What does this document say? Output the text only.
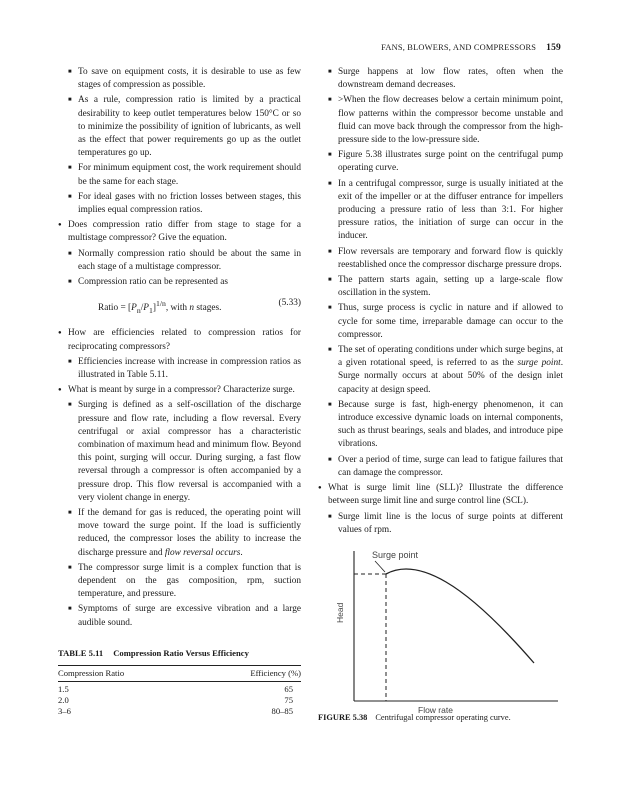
FANS, BLOWERS, AND COMPRESSORS 159
■ To save on equipment costs, it is desirable to use as few stages of compression as possible.
■ As a rule, compression ratio is limited by a practical desirability to keep outlet temperatures below 150°C or so to minimize the possibility of ignition of lubricants, as well as the effect that power requirements go up as the outlet temperatures go up.
■ For minimum equipment cost, the work requirement should be the same for each stage.
■ For ideal gases with no friction losses between stages, this implies equal compression ratios.
● Does compression ratio differ from stage to stage for a multistage compressor? Give the equation.
■ Normally compression ratio should be about the same in each stage of a multistage compressor.
■ Compression ratio can be represented as
Ratio = $[P_n/P_1]^{1/n}$, with n stages.
(5.33)
● How are efficiencies related to compression ratios for reciprocating compressors?
■ Efficiencies increase with increase in compression ratios as illustrated in Table 5.11.
● What is meant by surge in a compressor? Characterize surge.
■ Surging is defined as a self-oscillation of the discharge pressure and flow rate, including a flow reversal. Every centrifugal or axial compressor has a characteristic combination of maximum head and minimum flow. Beyond this point, surging will occur. During surging, a fast flow reversal through a compressor is often accompanied by a pressure drop. This flow reversal is accompanied with a very violent change in energy.
■ If the demand for gas is reduced, the operating point will move toward the surge point. If the load is sufficiently reduced, the compressor loses the ability to increase the discharge pressure and flow reversal occurs.
■ The compressor surge limit is a complex function that is dependent on the gas composition, rpm, suction temperature, and pressure.
■ Symptoms of surge are excessive vibration and a large audible sound.
TABLE 5.11 Compression Ratio Versus Efficiency
Compression Ratio	Efficiency (%)
1.5	65
2.0	75
3–6	80–85
■ Surge happens at low flow rates, often when the downstream demand decreases.
■ >When the flow decreases below a certain minimum point, flow patterns within the compressor become unstable and fluid can move back through the compressor from the high-pressure side to the low-pressure side.
■ Figure 5.38 illustrates surge point on the centrifugal pump operating curve.
■ In a centrifugal compressor, surge is usually initiated at the exit of the impeller or at the diffuser entrance for impellers producing a pressure ratio of less than 3:1. For higher pressure ratios, the initiation of surge can occur in the inducer.
■ Flow reversals are temporary and forward flow is quickly reestablished once the compressor discharge pressure drops.
■ The pattern starts again, setting up a large-scale flow oscillation in the system.
■ Thus, surge process is cyclic in nature and if allowed to cycle for some time, irreparable damage can occur to the compressor.
■ The set of operating conditions under which surge begins, at a given rotational speed, is referred to as the surge point. Surge normally occurs at about 50% of the design inlet capacity at design speed.
■ Because surge is fast, high-energy phenomenon, it can introduce excessive dynamic loads on internal components, such as thrust bearings, seals and blades, and introduce pipe vibrations.
■ Over a period of time, surge can lead to fatigue failures that can damage the compressor.
● What is surge limit line (SLL)? Illustrate the difference between surge limit line and surge control line (SCL).
■ Surge limit line is the locus of surge points at different values of rpm.
Surge point
Head
Flow rate
FIGURE 5.38 Centrifugal compressor operating curve.
